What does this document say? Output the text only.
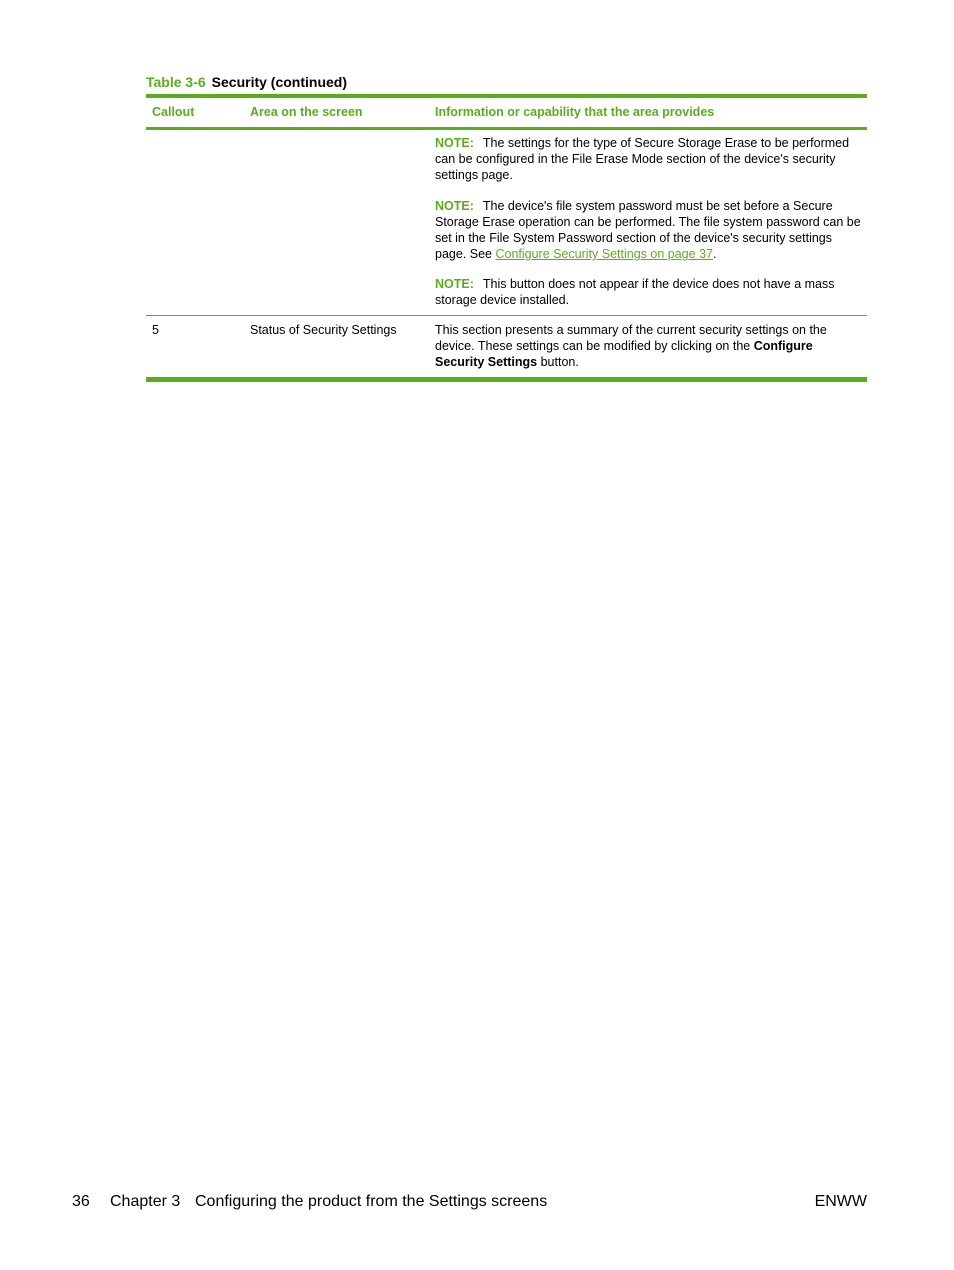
Table 3-6 Security (continued)
Callout	Area on the screen	Information or capability that the area provides
NOTE: The settings for the type of Secure Storage Erase to be performed can be configured in the File Erase Mode section of the device's security settings page.
NOTE: The device's file system password must be set before a Secure Storage Erase operation can be performed. The file system password can be set in the File System Password section of the device's security settings page. See Configure Security Settings on page 37.
NOTE: This button does not appear if the device does not have a mass storage device installed.
5	Status of Security Settings	This section presents a summary of the current security settings on the device. These settings can be modified by clicking on the Configure Security Settings button.
36 Chapter 3 Configuring the product from the Settings screens	ENWW
